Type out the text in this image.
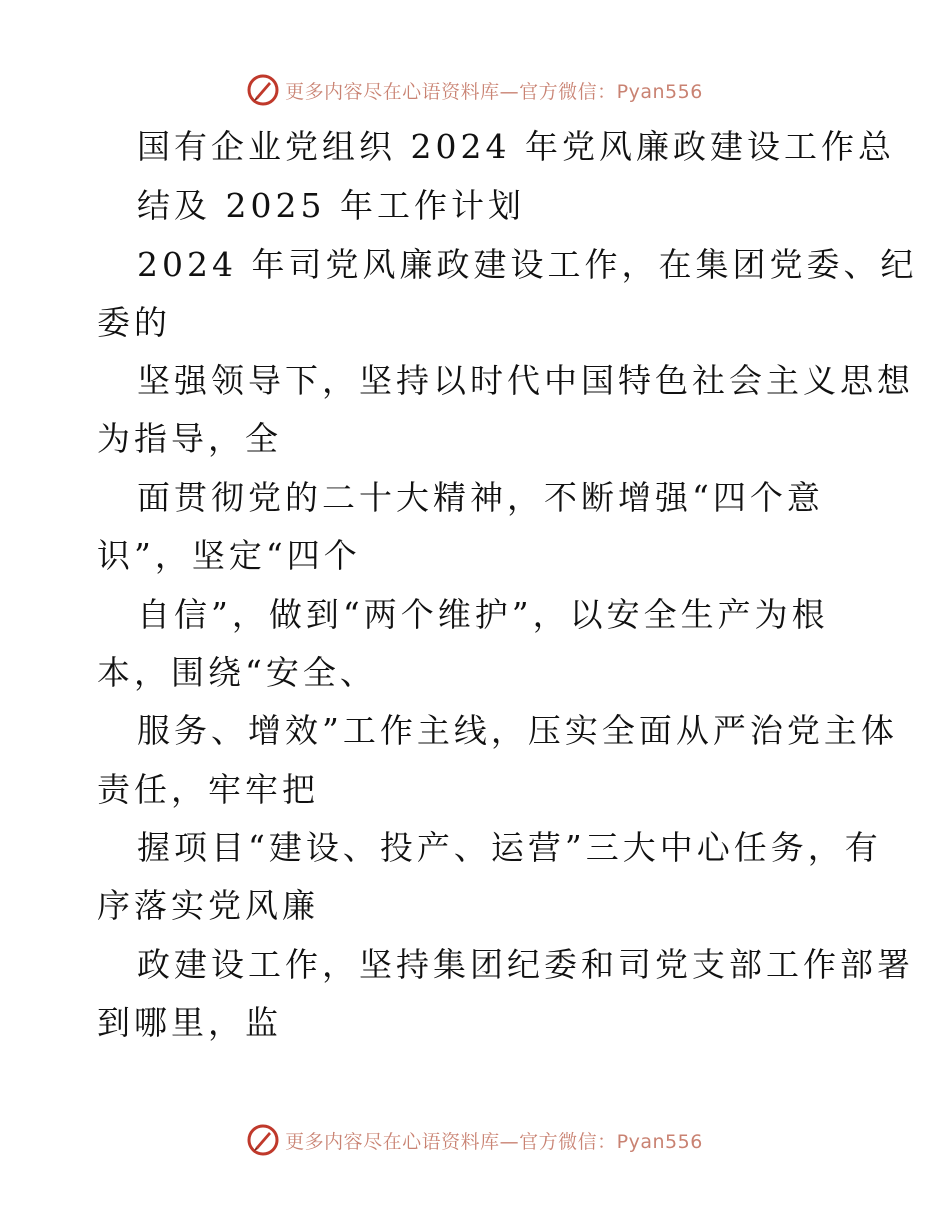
更多内容尽在心语资料库—官方微信：Pyan556
国有企业党组织 2024 年党风廉政建设工作总
结及 2025 年工作计划
2024 年司党风廉政建设工作，在集团党委、纪
委的
坚强领导下，坚持以时代中国特色社会主义思想
为指导，全
面贯彻党的二十大精神，不断增强“四个意
识”，坚定“四个
自信”，做到“两个维护”，以安全生产为根
本，围绕“安全、
服务、增效”工作主线，压实全面从严治党主体
责任，牢牢把
握项目“建设、投产、运营”三大中心任务，有
序落实党风廉
政建设工作，坚持集团纪委和司党支部工作部署
到哪里，监
更多内容尽在心语资料库—官方微信：Pyan556
